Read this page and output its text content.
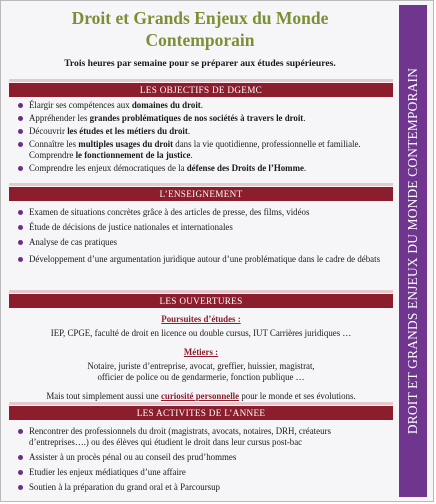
Droit et Grands Enjeux du Monde
Contemporain
Trois heures par semaine pour se préparer aux études supérieures.
LES OBJECTIFS DE DGEMC
Élargir ses compétences aux domaines du droit.
Appréhender les grandes problématiques de nos sociétés à travers le droit.
Découvrir les études et les métiers du droit.
Connaître les multiples usages du droit dans la vie quotidienne, professionnelle et familiale. Comprendre le fonctionnement de la justice.
Comprendre les enjeux démocratiques de la défense des Droits de l’Homme.
L’ENSEIGNEMENT
Examen de situations concrètes grâce à des articles de presse, des films, vidéos
Étude de décisions de justice nationales et internationales
Analyse de cas pratiques
Développement d’une argumentation juridique autour d’une problématique dans le cadre de débats
LES OUVERTURES
Poursuites d’études :
IEP, CPGE, faculté de droit en licence ou double cursus, IUT Carrières juridiques …
Métiers :
Notaire, juriste d’entreprise, avocat, greffier, huissier, magistrat,
officier de police ou de gendarmerie, fonction publique …
Mais tout simplement aussi une curiosité personnelle pour le monde et ses évolutions.
LES ACTIVITES DE L’ANNEE
Rencontrer des professionnels du droit (magistrats, avocats, notaires, DRH, créateurs d’entreprises….) ou des élèves qui étudient le droit dans leur cursus post-bac
Assister à un procès pénal ou au conseil des prud’hommes
Etudier les enjeux médiatiques d’une affaire
Soutien à la préparation du grand oral et à Parcoursup
DROIT ET GRANDS ENJEUX DU MONDE CONTEMPORAIN
